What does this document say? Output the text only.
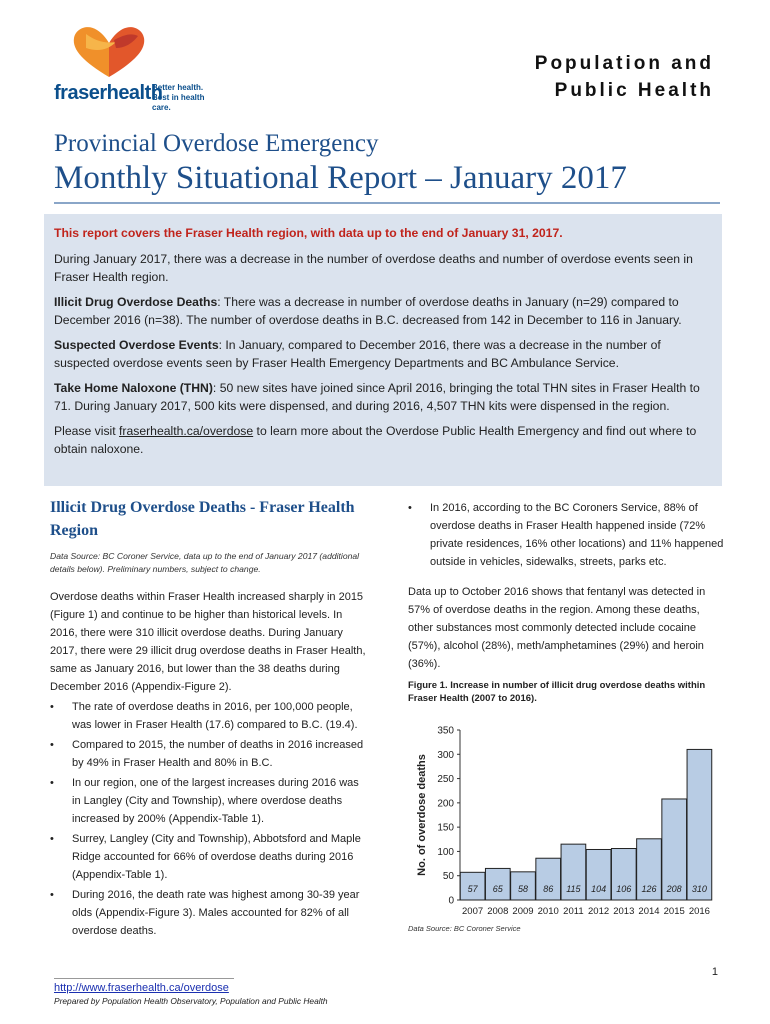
fraserhealth
Better health.
Best in health care.
Population and
Public Health
Provincial Overdose Emergency
Monthly Situational Report – January 2017

This report covers the Fraser Health region, with data up to the end of January 31, 2017.

During January 2017, there was a decrease in the number of overdose deaths and number of overdose events seen in Fraser Health region.

Illicit Drug Overdose Deaths: There was a decrease in number of overdose deaths in January (n=29) compared to December 2016 (n=38). The number of overdose deaths in B.C. decreased from 142 in December to 116 in January.

Suspected Overdose Events: In January, compared to December 2016, there was a decrease in the number of suspected overdose events seen by Fraser Health Emergency Departments and BC Ambulance Service.

Take Home Naloxone (THN): 50 new sites have joined since April 2016, bringing the total THN sites in Fraser Health to 71. During January 2017, 500 kits were dispensed, and during 2016, 4,507 THN kits were dispensed in the region.

Please visit fraserhealth.ca/overdose to learn more about the Overdose Public Health Emergency and find out where to obtain naloxone.

Illicit Drug Overdose Deaths - Fraser Health Region
Data Source: BC Coroner Service, data up to the end of January 2017 (additional details below). Preliminary numbers, subject to change.
Overdose deaths within Fraser Health increased sharply in 2015 (Figure 1) and continue to be higher than historical levels. In 2016, there were 310 illicit overdose deaths. During January 2017, there were 29 illicit drug overdose deaths in Fraser Health, same as January 2016, but lower than the 38 deaths during December 2016 (Appendix-Figure 2).
• The rate of overdose deaths in 2016, per 100,000 people, was lower in Fraser Health (17.6) compared to B.C. (19.4).
• Compared to 2015, the number of deaths in 2016 increased by 49% in Fraser Health and 80% in B.C.
• In our region, one of the largest increases during 2016 was in Langley (City and Township), where overdose deaths increased by 200% (Appendix-Table 1).
• Surrey, Langley (City and Township), Abbotsford and Maple Ridge accounted for 66% of overdose deaths during 2016 (Appendix-Table 1).
• During 2016, the death rate was highest among 30-39 year olds (Appendix-Figure 3). Males accounted for 82% of all overdose deaths.
• In 2016, according to the BC Coroners Service, 88% of overdose deaths in Fraser Health happened inside (72% private residences, 16% other locations) and 11% happened outside in vehicles, sidewalks, streets, parks etc.
Data up to October 2016 shows that fentanyl was detected in 57% of overdose deaths in the region. Among these deaths, other substances most commonly detected include cocaine (57%), alcohol (28%), meth/amphetamines (29%) and heroin (36%).
Figure 1. Increase in number of illicit drug overdose deaths within Fraser Health (2007 to 2016).
0
50
100
150
200
250
300
350
No. of overdose deaths
57
2007
65
2008
58
2009
86
2010
115
2011
104
2012
106
2013
126
2014
208
2015
310
2016
Data Source: BC Coroner Service
1
http://www.fraserhealth.ca/overdose
Prepared by Population Health Observatory, Population and Public Health
